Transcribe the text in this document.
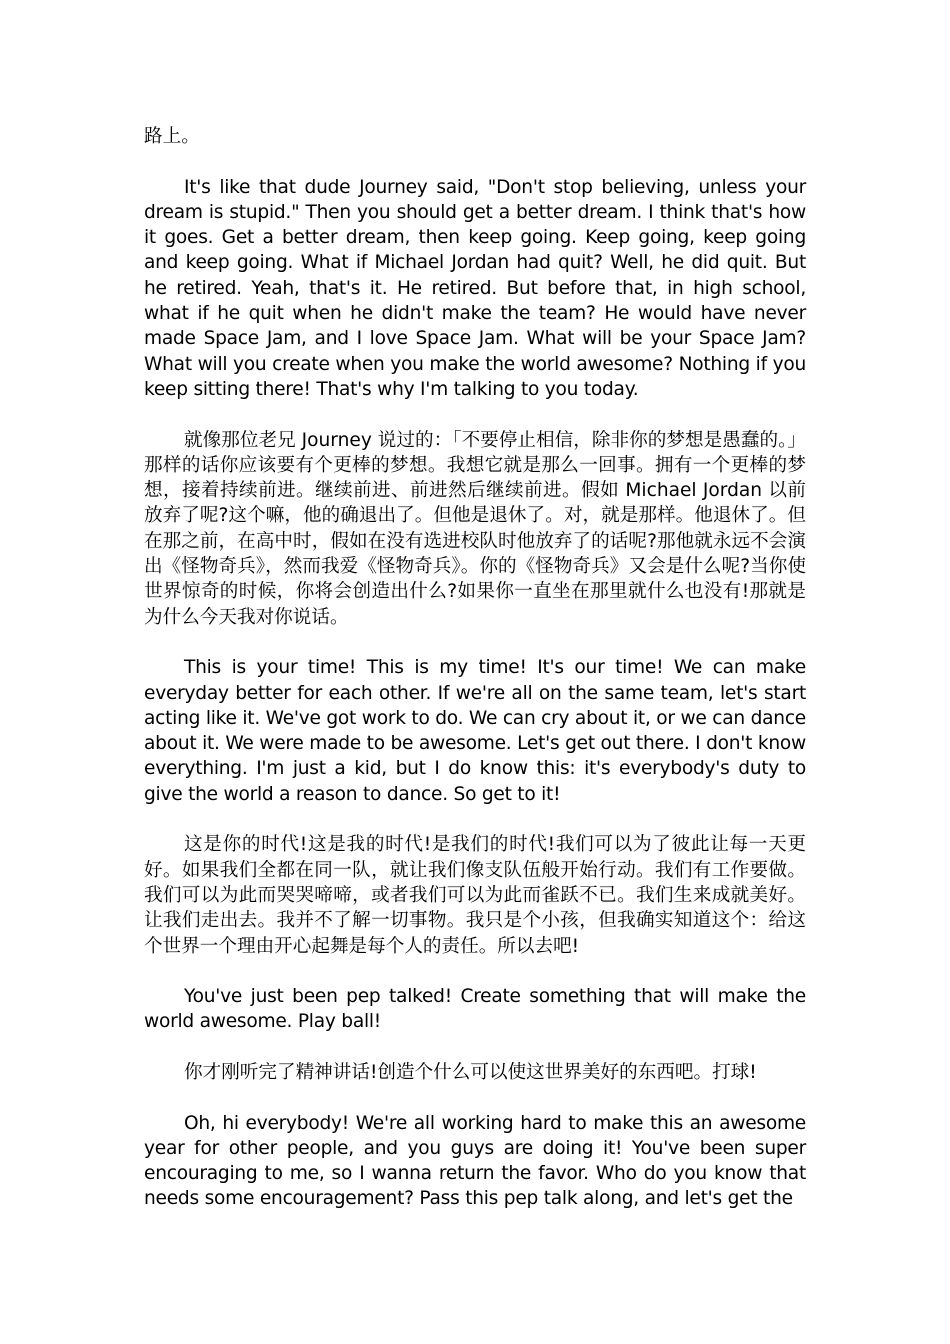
路上。

It's like that dude Journey said, "Don't stop believing, unless your dream is stupid." Then you should get a better dream. I think that's how it goes. Get a better dream, then keep going. Keep going, keep going and keep going. What if Michael Jordan had quit? Well, he did quit. But he retired. Yeah, that's it. He retired. But before that, in high school, what if he quit when he didn't make the team? He would have never made Space Jam, and I love Space Jam. What will be your Space Jam? What will you create when you make the world awesome? Nothing if you keep sitting there! That's why I'm talking to you today.

就像那位老兄 Journey 说过的：「不要停止相信，除非你的梦想是愚蠢的。」那样的话你应该要有个更棒的梦想。我想它就是那么一回事。拥有一个更棒的梦想，接着持续前进。继续前进、前进然后继续前进。假如 Michael Jordan 以前放弃了呢?这个嘛，他的确退出了。但他是退休了。对，就是那样。他退休了。但在那之前，在高中时，假如在没有选进校队时他放弃了的话呢?那他就永远不会演出《怪物奇兵》，然而我爱《怪物奇兵》。你的《怪物奇兵》又会是什么呢?当你使世界惊奇的时候，你将会创造出什么?如果你一直坐在那里就什么也没有!那就是为什么今天我对你说话。

This is your time! This is my time! It's our time! We can make everyday better for each other. If we're all on the same team, let's start acting like it. We've got work to do. We can cry about it, or we can dance about it. We were made to be awesome. Let's get out there. I don't know everything. I'm just a kid, but I do know this: it's everybody's duty to give the world a reason to dance. So get to it!

这是你的时代!这是我的时代!是我们的时代!我们可以为了彼此让每一天更好。如果我们全都在同一队，就让我们像支队伍般开始行动。我们有工作要做。我们可以为此而哭哭啼啼，或者我们可以为此而雀跃不已。我们生来成就美好。让我们走出去。我并不了解一切事物。我只是个小孩，但我确实知道这个：给这个世界一个理由开心起舞是每个人的责任。所以去吧!

You've just been pep talked! Create something that will make the world awesome. Play ball!

你才刚听完了精神讲话!创造个什么可以使这世界美好的东西吧。打球!

Oh, hi everybody! We're all working hard to make this an awesome year for other people, and you guys are doing it! You've been super encouraging to me, so I wanna return the favor. Who do you know that needs some encouragement? Pass this pep talk along, and let's get the
